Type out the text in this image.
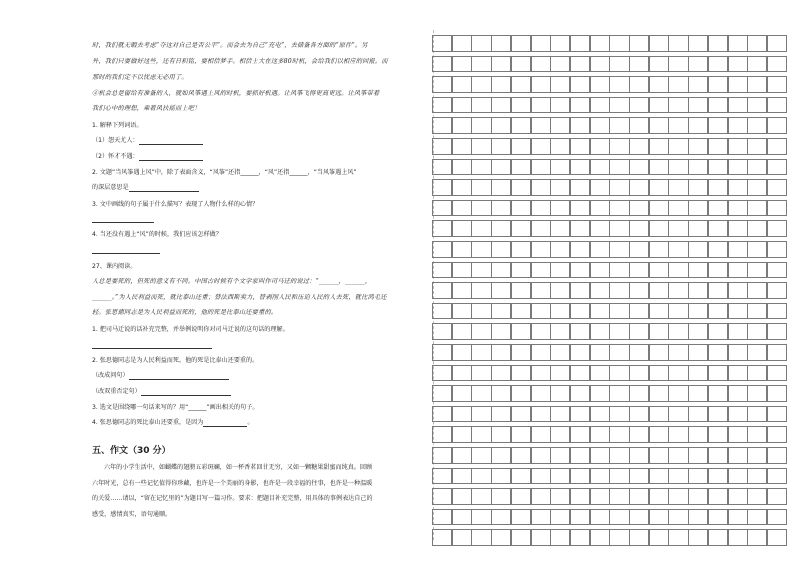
时，我们就无暇去考虑“夺这对自己是否公平”。而会去为自己“充电”，去储备各方面的“原件”。另
外，我们只要做好这些，还有日积铭，要相信梦手。相信士大在这多80时机，会给我们以相应的回报。而
那时的我们定不以忧虑无必用了。
④机会总是留给有准备的人，就如风筝遇上风的时机，要抓好机遇。让风筝飞得更高更远。让风筝带着
我们心中的理想，乘着风扶摇而上吧！
1. 解释下列词语。
（1）怨天尤人：
（2）怀才不遇：
2. 文题“当风筝遇上风”中，除了表面含义，“风筝”还指______，“风”还指______，“当风筝遇上风”
的深层意思是
3. 文中画线的句子属于什么描写？表现了人物什么样的心情？
4. 当还没有遇上“风”的时候，我们应该怎样做？
27、课内阅读。
人总是要死的，但死的意义有不同。中国古时候有个文学家叫作司马迁的说过：“______，______，
______。”为人民利益而死，就比泰山还重；替法西斯卖力，替剥削人民和压迫人民的人去死，就比鸿毛还
轻。张思德同志是为人民利益而死的，他的死是比泰山还要重的。
1. 把司马迁说的话补充完整，并举例说明你对司马迁说的这句话的理解。
2. 张思德同志是为人民利益而死，他的死是比泰山还要重的。
（改成问句）
（改双重否定句）
3. 选文是围绕哪一句话来写的？用“______”画出相关的句子。
4. 张思德同志的死比泰山还要重，是因为	。
五、作文（30 分）
六年的小学生活中，如蝴蝶的翅膀五彩斑斓，如一杯香茗回甘无穷，又如一颗糖果甜蜜而纯真。回顾
六年时光，总有一些记忆值得你珍藏，也许是一个美丽的身影，也许是一段幸福的往事，也许是一种温暖
的关爱……请以，“留在记忆里的”为题目写一篇习作。要求：把题目补充完整，用具体的事例表达自己的
感受，感情真实，语句通顺。
